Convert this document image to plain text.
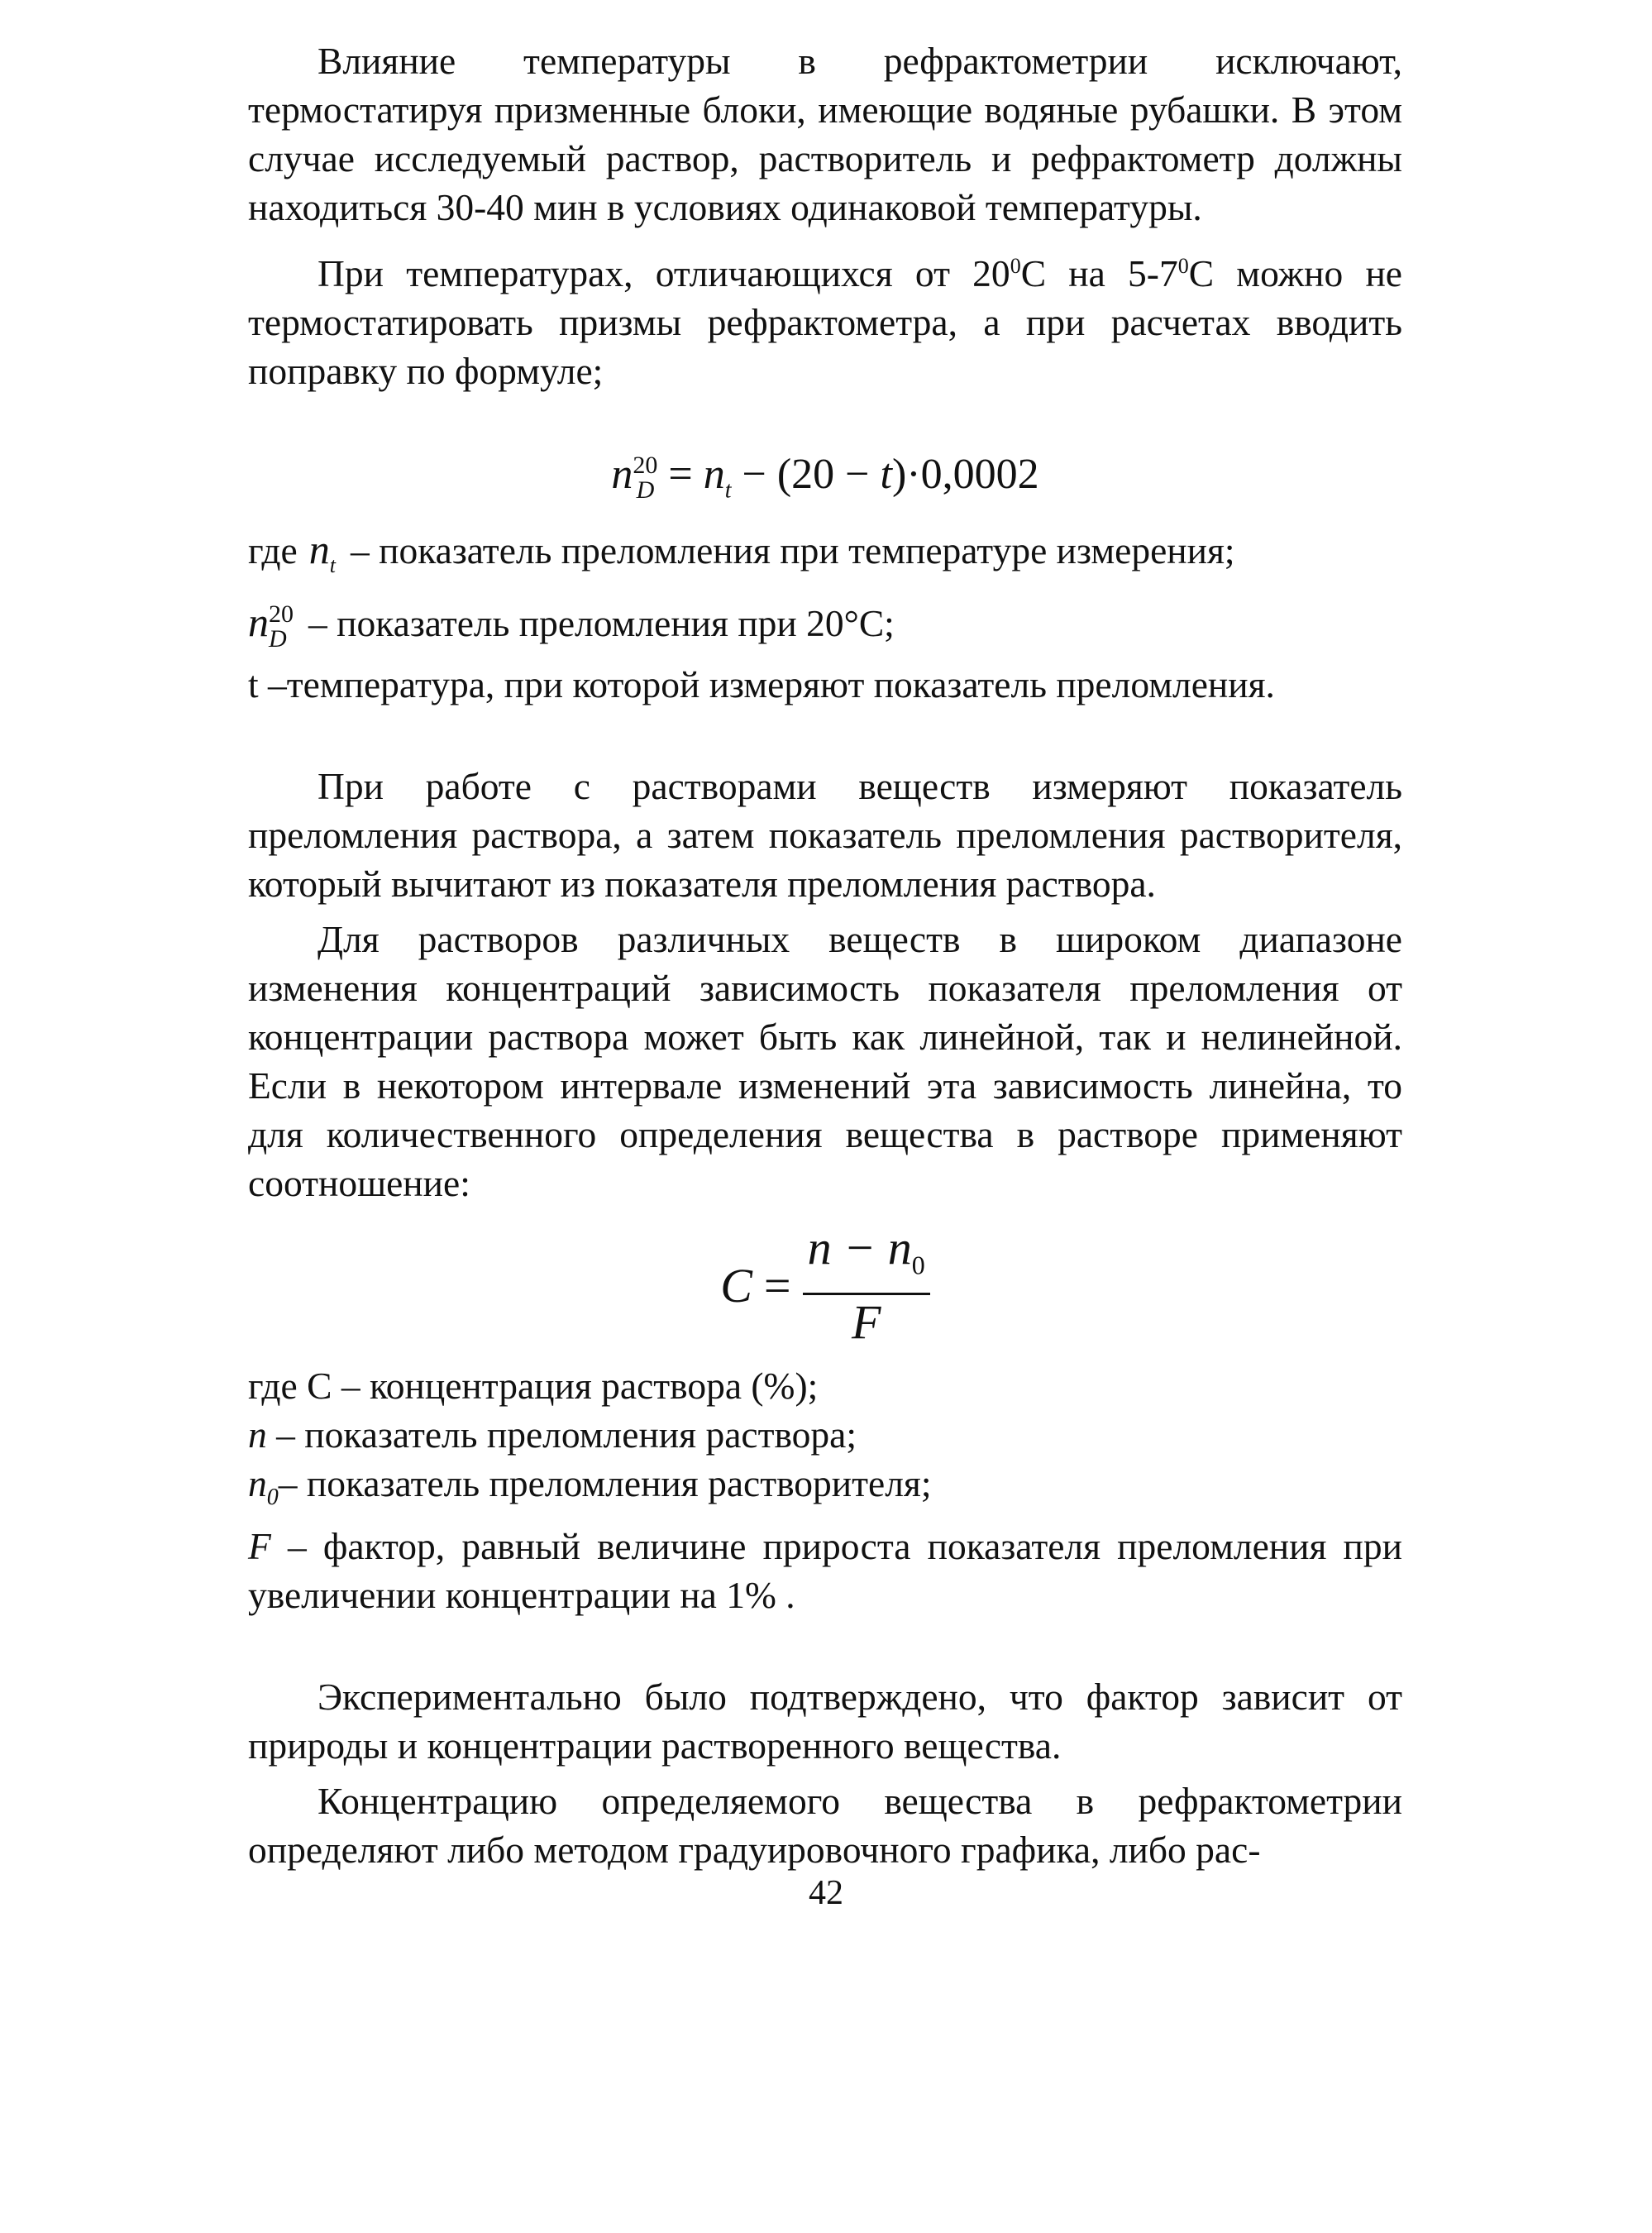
Влияние температуры в рефрактометрии исключают, термостатируя призменные блоки, имеющие водяные рубашки. В этом случае исследуемый раствор, растворитель и рефрактометр должны находиться 30-40 мин в условиях одинаковой температуры.

При температурах, отличающихся от $20^0С$ на $5-7^0С$ можно не термостатировать призмы рефрактометра, а при расчетах вводить поправку по формуле;

n 20
$D = n_t - (20 - t)\cdot 0,0002$

где $n_t$ – показатель преломления при температуре измерения;

n 20
D – показатель преломления при 20°С;

t –температура, при которой измеряют показатель преломления.

При работе с растворами веществ измеряют показатель преломления раствора, а затем показатель преломления растворителя, который вычитают из показателя преломления раствора.

Для растворов различных веществ в широком диапазоне изменения концентраций зависимость показателя преломления от концентрации раствора может быть как линейной, так и нелинейной. Если в некотором интервале изменений эта зависимость линейна, то для количественного определения вещества в растворе применяют соотношение:

$C = \frac{n - n_0}{F}$

где С – концентрация раствора (%);

n – показатель преломления раствора;

$n_0-$ показатель преломления растворителя;

F – фактор, равный величине прироста показателя преломления при увеличении концентрации на 1% .

Экспериментально было подтверждено, что фактор зависит от природы и концентрации растворенного вещества.

Концентрацию определяемого вещества в рефрактометрии определяют либо методом градуировочного графика, либо рас-

42
